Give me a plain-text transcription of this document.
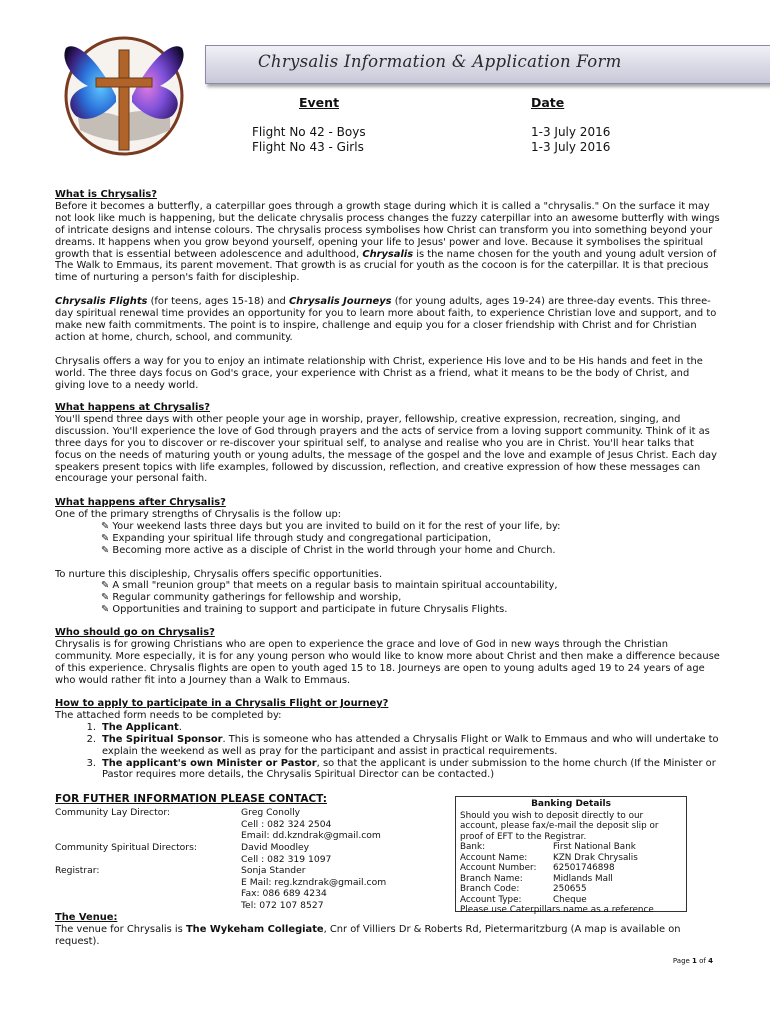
Chrysalis Information & Application Form
Event	Date
Flight No 42 - Boys	1-3 July 2016
Flight No 43 - Girls	1-3 July 2016
What is Chrysalis?
Before it becomes a butterfly, a caterpillar goes through a growth stage during which it is called a "chrysalis." On the surface it may not look like much is happening, but the delicate chrysalis process changes the fuzzy caterpillar into an awesome butterfly with wings of intricate designs and intense colours. The chrysalis process symbolises how Christ can transform you into something beyond your dreams. It happens when you grow beyond yourself, opening your life to Jesus' power and love. Because it symbolises the spiritual growth that is essential between adolescence and adulthood, Chrysalis is the name chosen for the youth and young adult version of The Walk to Emmaus, its parent movement. That growth is as crucial for youth as the cocoon is for the caterpillar. It is that precious time of nurturing a person's faith for discipleship.
Chrysalis Flights (for teens, ages 15-18) and Chrysalis Journeys (for young adults, ages 19-24) are three-day events. This three-day spiritual renewal time provides an opportunity for you to learn more about faith, to experience Christian love and support, and to make new faith commitments. The point is to inspire, challenge and equip you for a closer friendship with Christ and for Christian action at home, church, school, and community.
Chrysalis offers a way for you to enjoy an intimate relationship with Christ, experience His love and to be His hands and feet in the world. The three days focus on God's grace, your experience with Christ as a friend, what it means to be the body of Christ, and giving love to a needy world.
What happens at Chrysalis?
You'll spend three days with other people your age in worship, prayer, fellowship, creative expression, recreation, singing, and discussion. You'll experience the love of God through prayers and the acts of service from a loving support community. Think of it as three days for you to discover or re-discover your spiritual self, to analyse and realise who you are in Christ. You'll hear talks that focus on the needs of maturing youth or young adults, the message of the gospel and the love and example of Jesus Christ. Each day speakers present topics with life examples, followed by discussion, reflection, and creative expression of how these messages can encourage your personal faith.
What happens after Chrysalis?
One of the primary strengths of Chrysalis is the follow up:
✎ Your weekend lasts three days but you are invited to build on it for the rest of your life, by:
✎ Expanding your spiritual life through study and congregational participation,
✎ Becoming more active as a disciple of Christ in the world through your home and Church.
To nurture this discipleship, Chrysalis offers specific opportunities.
✎ A small "reunion group" that meets on a regular basis to maintain spiritual accountability,
✎ Regular community gatherings for fellowship and worship,
✎ Opportunities and training to support and participate in future Chrysalis Flights.
Who should go on Chrysalis?
Chrysalis is for growing Christians who are open to experience the grace and love of God in new ways through the Christian community. More especially, it is for any young person who would like to know more about Christ and then make a difference because of this experience. Chrysalis flights are open to youth aged 15 to 18. Journeys are open to young adults aged 19 to 24 years of age who would rather fit into a Journey than a Walk to Emmaus.
How to apply to participate in a Chrysalis Flight or Journey?
The attached form needs to be completed by:
1. The Applicant.
2. The Spiritual Sponsor. This is someone who has attended a Chrysalis Flight or Walk to Emmaus and who will undertake to explain the weekend as well as pray for the participant and assist in practical requirements.
3. The applicant's own Minister or Pastor, so that the applicant is under submission to the home church (If the Minister or Pastor requires more details, the Chrysalis Spiritual Director can be contacted.)
FOR FUTHER INFORMATION PLEASE CONTACT:
Community Lay Director:	Greg Conolly
Cell : 082 324 2504
Email: dd.kzndrak@gmail.com
Community Spiritual Directors:	David Moodley
Cell : 082 319 1097
Registrar:	Sonja Stander
E Mail: reg.kzndrak@gmail.com
Fax: 086 689 4234
Tel: 072 107 8527
Banking Details
Should you wish to deposit directly to our account, please fax/e-mail the deposit slip or proof of EFT to the Registrar.
Bank:	First National Bank
Account Name:	KZN Drak Chrysalis
Account Number:	62501746898
Branch Name:	Midlands Mall
Branch Code:	250655
Account Type:	Cheque
Please use Caterpillars name as a reference
The Venue:
The venue for Chrysalis is The Wykeham Collegiate, Cnr of Villiers Dr & Roberts Rd, Pietermaritzburg (A map is available on request).
Page 1 of 4
